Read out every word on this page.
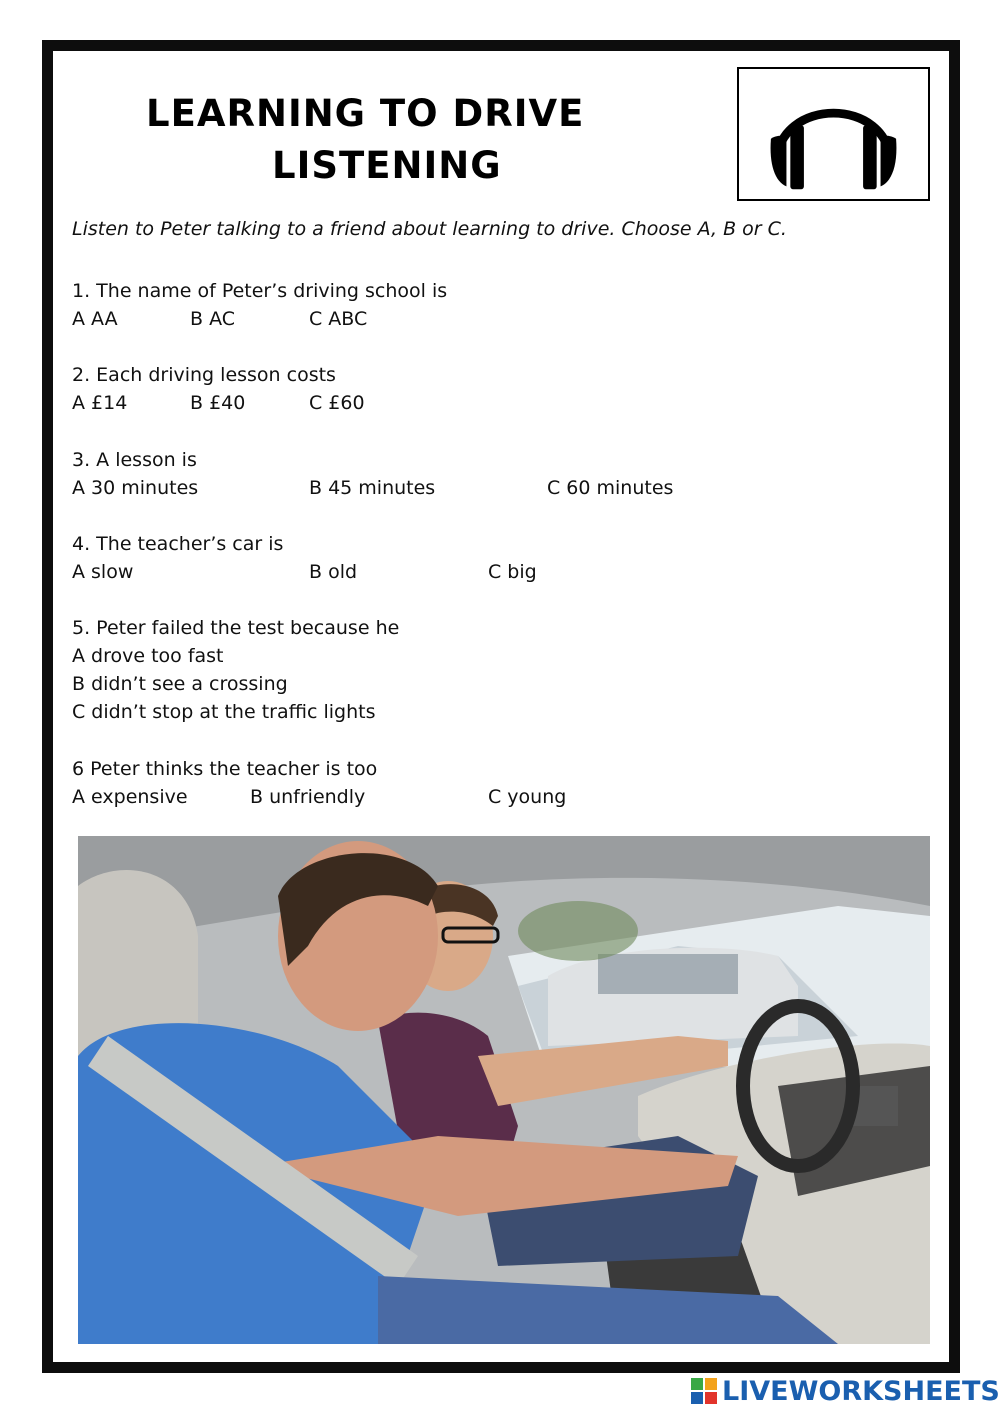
LEARNING TO DRIVE
LISTENING
Listen to Peter talking to a friend about learning to drive. Choose A, B or C.
1. The name of Peter’s driving school is
A AA	B AC	C ABC
2. Each driving lesson costs
A £14	B £40	C £60
3. A lesson is
A 30 minutes	B 45 minutes	C 60 minutes
4. The teacher’s car is
A slow	B old	C big
5. Peter failed the test because he
A drove too fast
B didn’t see a crossing
C didn’t stop at the traffic lights
6 Peter thinks the teacher is too
A expensive	B unfriendly	C young
LIVEWORKSHEETS
